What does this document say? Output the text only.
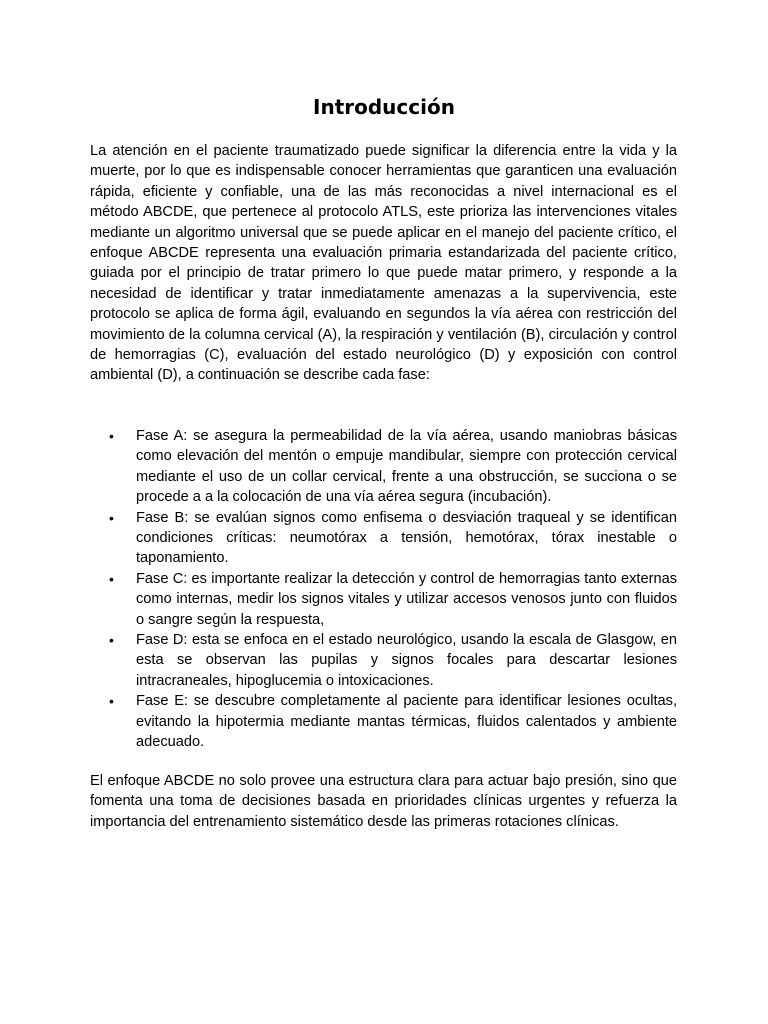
Introducción

La atención en el paciente traumatizado puede significar la diferencia entre la vida y la muerte, por lo que es indispensable conocer herramientas que garanticen una evaluación rápida, eficiente y confiable, una de las más reconocidas a nivel internacional es el método ABCDE, que pertenece al protocolo ATLS, este prioriza las intervenciones vitales mediante un algoritmo universal que se puede aplicar en el manejo del paciente crítico, el enfoque ABCDE representa una evaluación primaria estandarizada del paciente crítico, guiada por el principio de tratar primero lo que puede matar primero, y responde a la necesidad de identificar y tratar inmediatamente amenazas a la supervivencia, este protocolo se aplica de forma ágil, evaluando en segundos la vía aérea con restricción del movimiento de la columna cervical (A), la respiración y ventilación (B), circulación y control de hemorragias (C), evaluación del estado neurológico (D) y exposición con control ambiental (D), a continuación se describe cada fase:

• Fase A: se asegura la permeabilidad de la vía aérea, usando maniobras básicas como elevación del mentón o empuje mandibular, siempre con protección cervical mediante el uso de un collar cervical, frente a una obstrucción, se succiona o se procede a a la colocación de una vía aérea segura (incubación).
• Fase B: se evalúan signos como enfisema o desviación traqueal y se identifican condiciones críticas: neumotórax a tensión, hemotórax, tórax inestable o taponamiento.
• Fase C: es importante realizar la detección y control de hemorragias tanto externas como internas, medir los signos vitales y utilizar accesos venosos junto con fluidos o sangre según la respuesta,
• Fase D: esta se enfoca en el estado neurológico, usando la escala de Glasgow, en esta se observan las pupilas y signos focales para descartar lesiones intracraneales, hipoglucemia o intoxicaciones.
• Fase E: se descubre completamente al paciente para identificar lesiones ocultas, evitando la hipotermia mediante mantas térmicas, fluidos calentados y ambiente adecuado.

El enfoque ABCDE no solo provee una estructura clara para actuar bajo presión, sino que fomenta una toma de decisiones basada en prioridades clínicas urgentes y refuerza la importancia del entrenamiento sistemático desde las primeras rotaciones clínicas.
